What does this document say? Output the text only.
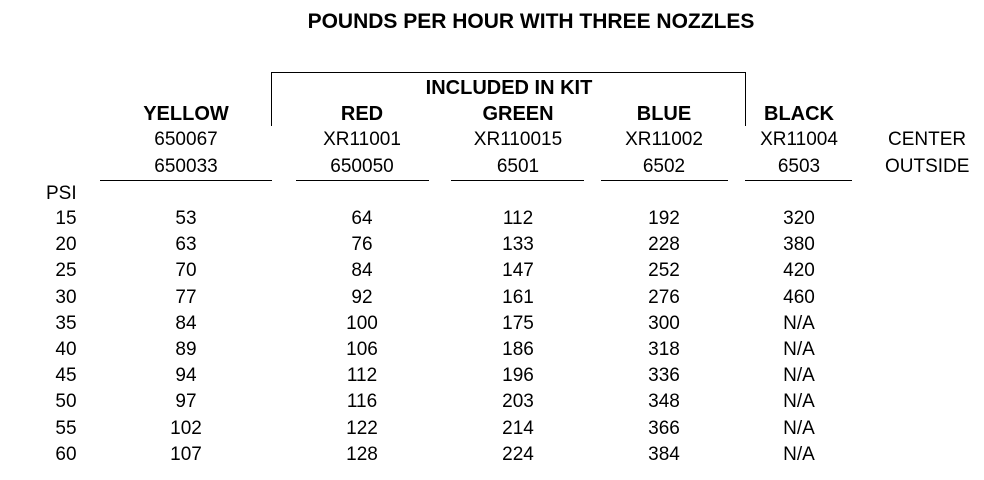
POUNDS PER HOUR WITH THREE NOZZLES
INCLUDED IN KIT
PSI
15
20
25
30
35
40
45
50
55
60
CENTER
OUTSIDE
YELLOW
650067
650033
53
63
70
77
84
89
94
97
102
107
RED
XR11001
650050
64
76
84
92
100
106
112
116
122
128
GREEN
XR110015
6501
112
133
147
161
175
186
196
203
214
224
BLUE
XR11002
6502
192
228
252
276
300
318
336
348
366
384
BLACK
XR11004
6503
320
380
420
460
N/A
N/A
N/A
N/A
N/A
N/A
